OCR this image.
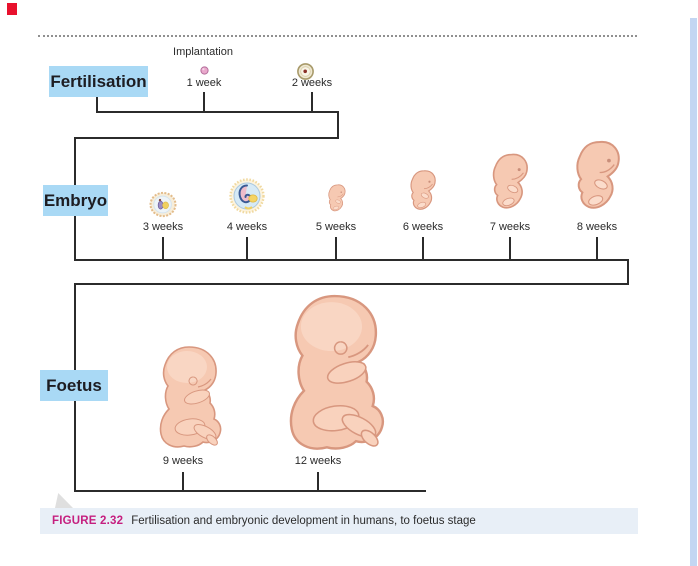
Fertilisation
Implantation
1 week	2 weeks
Embryo
3 weeks	4 weeks	5 weeks	6 weeks	7 weeks	8 weeks
Foetus
9 weeks	12 weeks
FIGURE 2.32 Fertilisation and embryonic development in humans, to foetus stage
